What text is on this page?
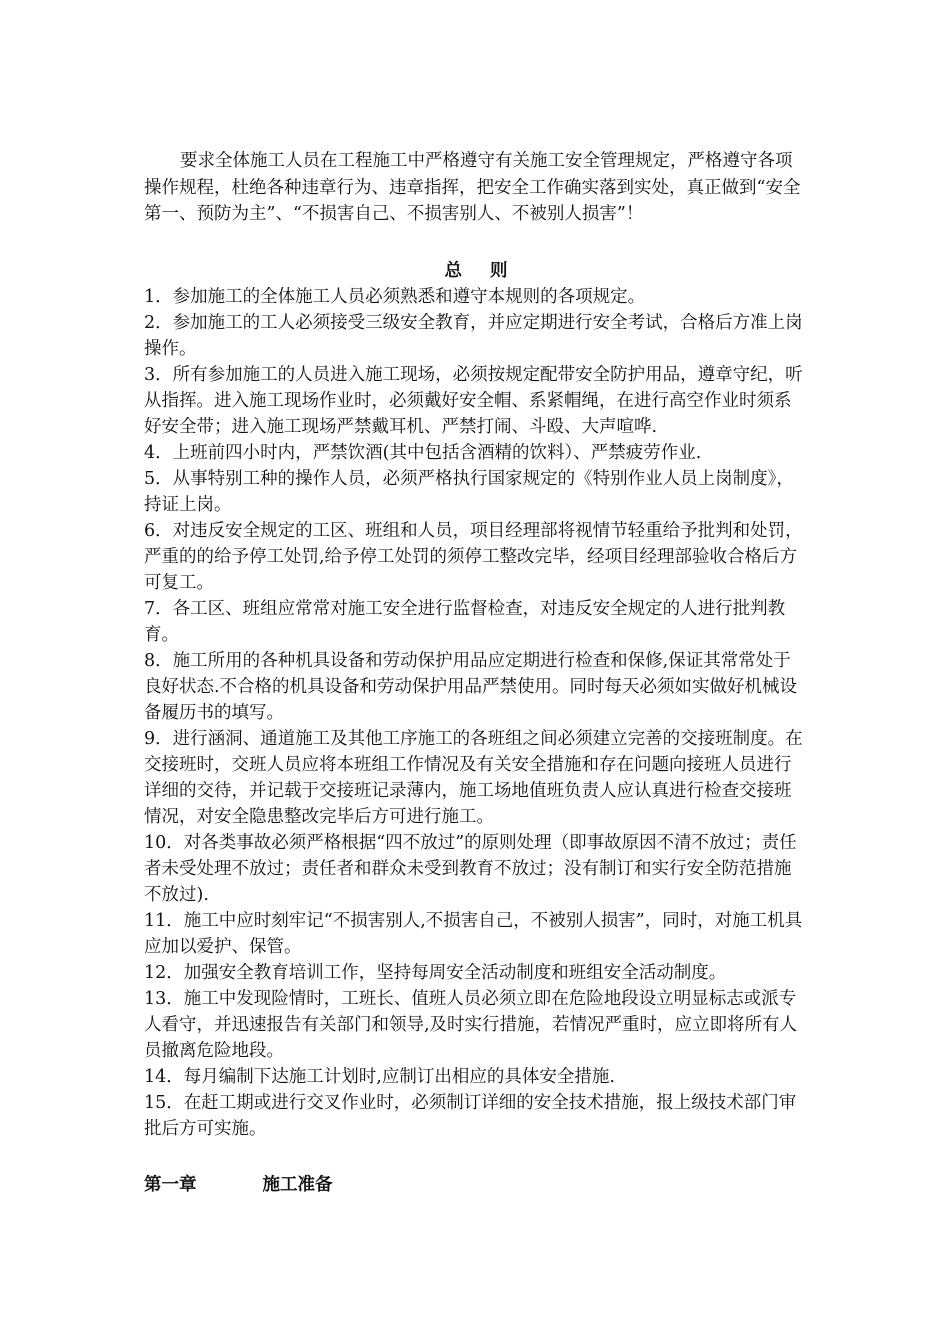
要求全体施工人员在工程施工中严格遵守有关施工安全管理规定，严格遵守各项操作规程，杜绝各种违章行为、违章指挥，把安全工作确实落到实处，真正做到“安全第一、预防为主”、“不损害自己、不损害别人、不被别人损害”！

总 则
1．参加施工的全体施工人员必须熟悉和遵守本规则的各项规定。
2．参加施工的工人必须接受三级安全教育，并应定期进行安全考试，合格后方准上岗操作。
3．所有参加施工的人员进入施工现场，必须按规定配带安全防护用品，遵章守纪，听从指挥。进入施工现场作业时，必须戴好安全帽、系紧帽绳，在进行高空作业时须系好安全带；进入施工现场严禁戴耳机、严禁打闹、斗殴、大声喧哗.
4．上班前四小时内，严禁饮酒(其中包括含酒精的饮料）、严禁疲劳作业.
5．从事特别工种的操作人员，必须严格执行国家规定的《特别作业人员上岗制度》，持证上岗。
6．对违反安全规定的工区、班组和人员，项目经理部将视情节轻重给予批判和处罚，严重的的给予停工处罚,给予停工处罚的须停工整改完毕，经项目经理部验收合格后方可复工。
7．各工区、班组应常常对施工安全进行监督检查，对违反安全规定的人进行批判教育。
8．施工所用的各种机具设备和劳动保护用品应定期进行检查和保修,保证其常常处于良好状态.不合格的机具设备和劳动保护用品严禁使用。同时每天必须如实做好机械设备履历书的填写。
9．进行涵洞、通道施工及其他工序施工的各班组之间必须建立完善的交接班制度。在交接班时，交班人员应将本班组工作情况及有关安全措施和存在问题向接班人员进行详细的交待，并记载于交接班记录薄内，施工场地值班负责人应认真进行检查交接班情况，对安全隐患整改完毕后方可进行施工。
10．对各类事故必须严格根据“四不放过”的原则处理（即事故原因不清不放过；责任者未受处理不放过；责任者和群众未受到教育不放过；没有制订和实行安全防范措施不放过).
11．施工中应时刻牢记“不损害别人,不损害自己，不被别人损害”，同时，对施工机具应加以爱护、保管。
12．加强安全教育培训工作，坚持每周安全活动制度和班组安全活动制度。
13．施工中发现险情时，工班长、值班人员必须立即在危险地段设立明显标志或派专人看守，并迅速报告有关部门和领导,及时实行措施，若情况严重时，应立即将所有人员撤离危险地段。
14．每月编制下达施工计划时,应制订出相应的具体安全措施.
15．在赶工期或进行交叉作业时，必须制订详细的安全技术措施，报上级技术部门审批后方可实施。
第一章	施工准备
